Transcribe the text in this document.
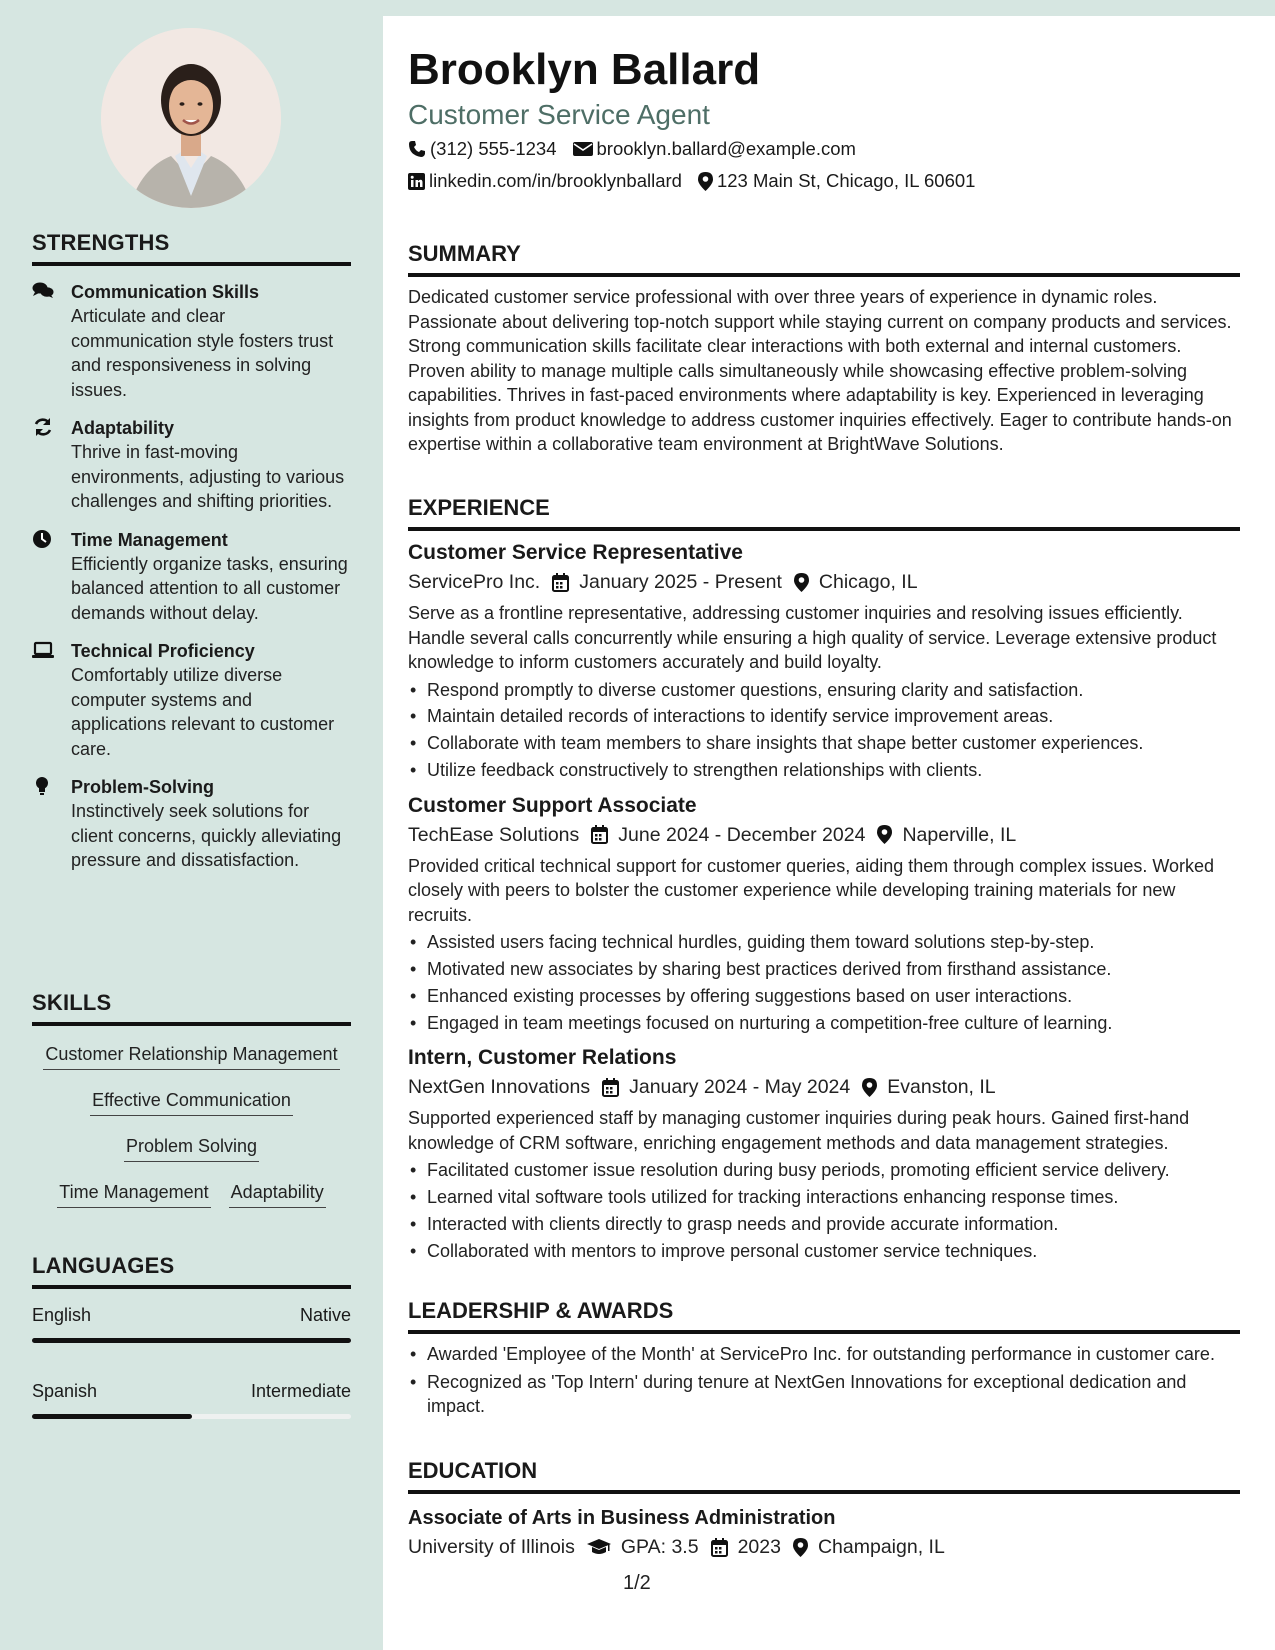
STRENGTHS
Communication Skills
Articulate and clear communication style fosters trust and responsiveness in solving issues.
Adaptability
Thrive in fast-moving environments, adjusting to various challenges and shifting priorities.
Time Management
Efficiently organize tasks, ensuring balanced attention to all customer demands without delay.
Technical Proficiency
Comfortably utilize diverse computer systems and applications relevant to customer care.
Problem-Solving
Instinctively seek solutions for client concerns, quickly alleviating pressure and dissatisfaction.
SKILLS
Customer Relationship Management
Effective Communication
Problem Solving
Time Management Adaptability
LANGUAGES
English	Native
Spanish	Intermediate
Brooklyn Ballard
Customer Service Agent
(312) 555-1234 brooklyn.ballard@example.com
linkedin.com/in/brooklynballard 123 Main St, Chicago, IL 60601
SUMMARY
Dedicated customer service professional with over three years of experience in dynamic roles. Passionate about delivering top-notch support while staying current on company products and services. Strong communication skills facilitate clear interactions with both external and internal customers. Proven ability to manage multiple calls simultaneously while showcasing effective problem-solving capabilities. Thrives in fast-paced environments where adaptability is key. Experienced in leveraging insights from product knowledge to address customer inquiries effectively. Eager to contribute hands-on expertise within a collaborative team environment at BrightWave Solutions.
EXPERIENCE
Customer Service Representative
ServicePro Inc. January 2025 - Present Chicago, IL
Serve as a frontline representative, addressing customer inquiries and resolving issues efficiently. Handle several calls concurrently while ensuring a high quality of service. Leverage extensive product knowledge to inform customers accurately and build loyalty.
• Respond promptly to diverse customer questions, ensuring clarity and satisfaction.
• Maintain detailed records of interactions to identify service improvement areas.
• Collaborate with team members to share insights that shape better customer experiences.
• Utilize feedback constructively to strengthen relationships with clients.
Customer Support Associate
TechEase Solutions June 2024 - December 2024 Naperville, IL
Provided critical technical support for customer queries, aiding them through complex issues. Worked closely with peers to bolster the customer experience while developing training materials for new recruits.
• Assisted users facing technical hurdles, guiding them toward solutions step-by-step.
• Motivated new associates by sharing best practices derived from firsthand assistance.
• Enhanced existing processes by offering suggestions based on user interactions.
• Engaged in team meetings focused on nurturing a competition-free culture of learning.
Intern, Customer Relations
NextGen Innovations January 2024 - May 2024 Evanston, IL
Supported experienced staff by managing customer inquiries during peak hours. Gained first-hand knowledge of CRM software, enriching engagement methods and data management strategies.
• Facilitated customer issue resolution during busy periods, promoting efficient service delivery.
• Learned vital software tools utilized for tracking interactions enhancing response times.
• Interacted with clients directly to grasp needs and provide accurate information.
• Collaborated with mentors to improve personal customer service techniques.
LEADERSHIP & AWARDS
• Awarded 'Employee of the Month' at ServicePro Inc. for outstanding performance in customer care.
• Recognized as 'Top Intern' during tenure at NextGen Innovations for exceptional dedication and impact.
EDUCATION
Associate of Arts in Business Administration
University of Illinois GPA: 3.5 2023 Champaign, IL
1/2
